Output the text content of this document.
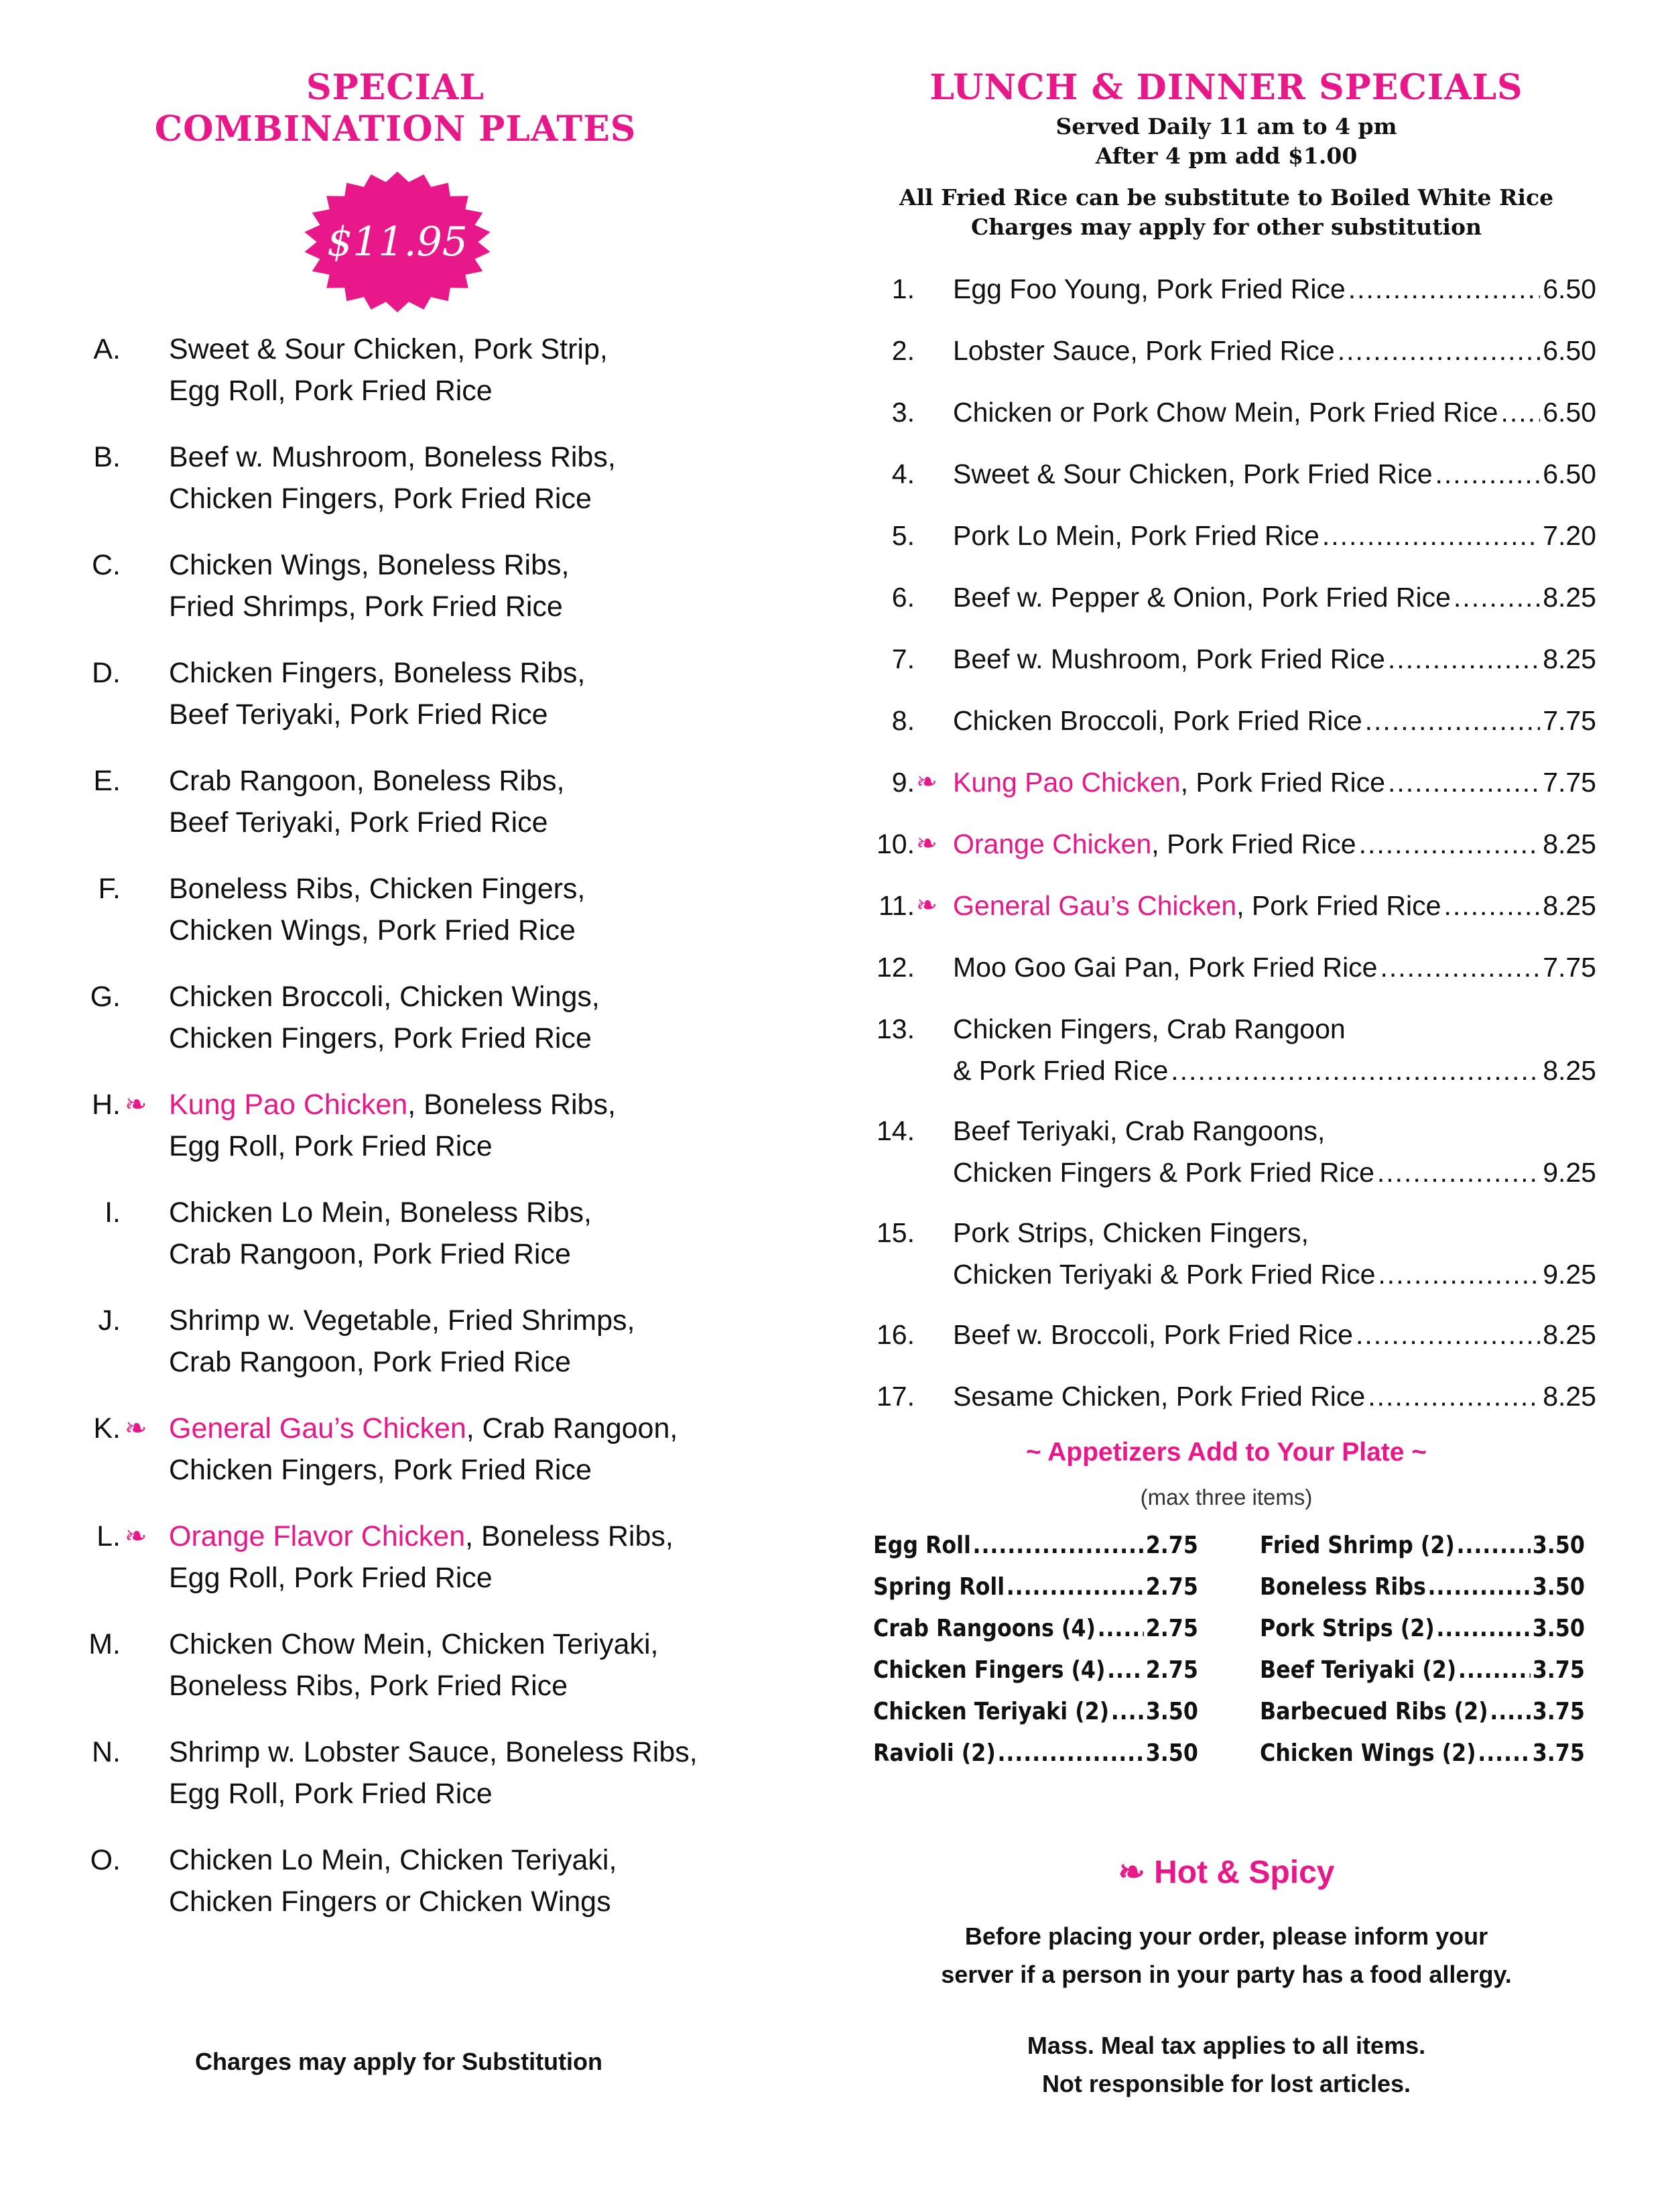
SPECIAL
COMBINATION PLATES
$11.95
A. Sweet & Sour Chicken, Pork Strip,
Egg Roll, Pork Fried Rice
B. Beef w. Mushroom, Boneless Ribs,
Chicken Fingers, Pork Fried Rice
C. Chicken Wings, Boneless Ribs,
Fried Shrimps, Pork Fried Rice
D. Chicken Fingers, Boneless Ribs,
Beef Teriyaki, Pork Fried Rice
E. Crab Rangoon, Boneless Ribs,
Beef Teriyaki, Pork Fried Rice
F. Boneless Ribs, Chicken Fingers,
Chicken Wings, Pork Fried Rice
G. Chicken Broccoli, Chicken Wings,
Chicken Fingers, Pork Fried Rice
H. ❧ Kung Pao Chicken, Boneless Ribs,
Egg Roll, Pork Fried Rice
I. Chicken Lo Mein, Boneless Ribs,
Crab Rangoon, Pork Fried Rice
J. Shrimp w. Vegetable, Fried Shrimps,
Crab Rangoon, Pork Fried Rice
K. ❧ General Gau’s Chicken, Crab Rangoon,
Chicken Fingers, Pork Fried Rice
L. ❧ Orange Flavor Chicken, Boneless Ribs,
Egg Roll, Pork Fried Rice
M. Chicken Chow Mein, Chicken Teriyaki,
Boneless Ribs, Pork Fried Rice
N. Shrimp w. Lobster Sauce, Boneless Ribs,
Egg Roll, Pork Fried Rice
O. Chicken Lo Mein, Chicken Teriyaki,
Chicken Fingers or Chicken Wings
Charges may apply for Substitution
LUNCH & DINNER SPECIALS
Served Daily 11 am to 4 pm
After 4 pm add $1.00
All Fried Rice can be substitute to Boiled White Rice
Charges may apply for other substitution
1. Egg Foo Young, Pork Fried Rice .....	6.50
2. Lobster Sauce, Pork Fried Rice .....	6.50
3. Chicken or Pork Chow Mein, Pork Fried Rice ..... 6.50
4. Sweet & Sour Chicken, Pork Fried Rice .....	6.50
5. Pork Lo Mein, Pork Fried Rice .....	7.20
6. Beef w. Pepper & Onion, Pork Fried Rice .....	8.25
7. Beef w. Mushroom, Pork Fried Rice .....	8.25
8. Chicken Broccoli, Pork Fried Rice .....	7.75
9. ❧ Kung Pao Chicken, Pork Fried Rice .....	7.75
10. ❧ Orange Chicken, Pork Fried Rice .....	8.25
11. ❧ General Gau’s Chicken, Pork Fried Rice .....	8.25
12. Moo Goo Gai Pan, Pork Fried Rice .....	7.75
13. Chicken Fingers, Crab Rangoon
& Pork Fried Rice .....	8.25
14. Beef Teriyaki, Crab Rangoons,
Chicken Fingers & Pork Fried Rice .....	9.25
15. Pork Strips, Chicken Fingers,
Chicken Teriyaki & Pork Fried Rice .....	9.25
16. Beef w. Broccoli, Pork Fried Rice .....	8.25
17. Sesame Chicken, Pork Fried Rice .....	8.25
~ Appetizers Add to Your Plate ~
(max three items)
Egg Roll .....	2.75
Spring Roll .....	2.75
Crab Rangoons (4) ..... 2.75
Chicken Fingers (4) ..... 2.75
Chicken Teriyaki (2) ..... 3.50
Ravioli (2) .....	3.50
Fried Shrimp (2) .....	3.50
Boneless Ribs .....	3.50
Pork Strips (2) .....	3.50
Beef Teriyaki (2) .....	3.75
Barbecued Ribs (2) ..... 3.75
Chicken Wings (2) ..... 3.75
❧ Hot & Spicy
Before placing your order, please inform your
server if a person in your party has a food allergy.
Mass. Meal tax applies to all items.
Not responsible for lost articles.
